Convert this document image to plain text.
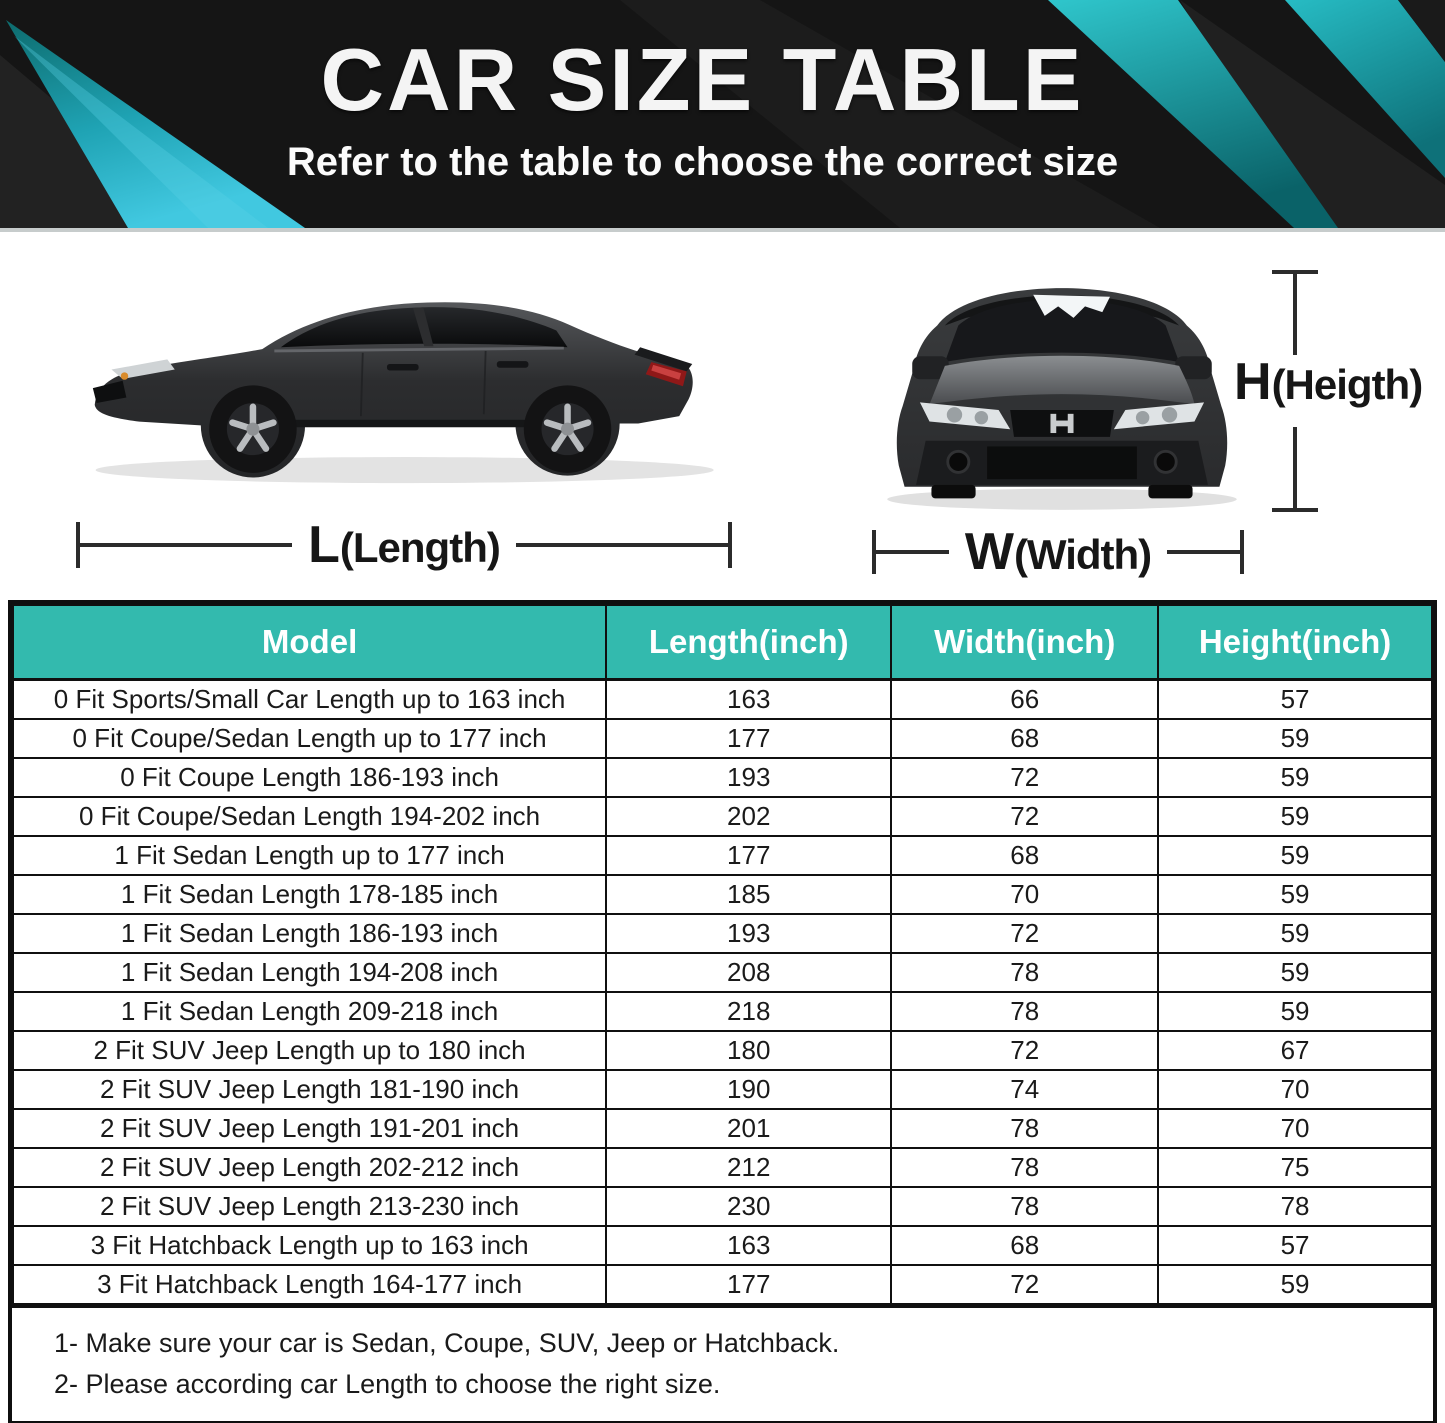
CAR SIZE TABLE

Refer to the table to choose the correct size

L(Length)	W(Width)
H(Heigth)
Model	Length(inch)	Width(inch)	Height(inch)
0 Fit Sports/Small Car Length up to 163 inch	163	66	57
0 Fit Coupe/Sedan Length up to 177 inch	177	68	59
0 Fit Coupe Length 186-193 inch	193	72	59
0 Fit Coupe/Sedan Length 194-202 inch	202	72	59
1 Fit Sedan Length up to 177 inch	177	68	59
1 Fit Sedan Length 178-185 inch	185	70	59
1 Fit Sedan Length 186-193 inch	193	72	59
1 Fit Sedan Length 194-208 inch	208	78	59
1 Fit Sedan Length 209-218 inch	218	78	59
2 Fit SUV Jeep Length up to 180 inch	180	72	67
2 Fit SUV Jeep Length 181-190 inch	190	74	70
2 Fit SUV Jeep Length 191-201 inch	201	78	70
2 Fit SUV Jeep Length 202-212 inch	212	78	75
2 Fit SUV Jeep Length 213-230 inch	230	78	78
3 Fit Hatchback Length up to 163 inch	163	68	57
3 Fit Hatchback Length 164-177 inch	177	72	59

1- Make sure your car is Sedan, Coupe, SUV, Jeep or Hatchback.

2- Please according car Length to choose the right size.
